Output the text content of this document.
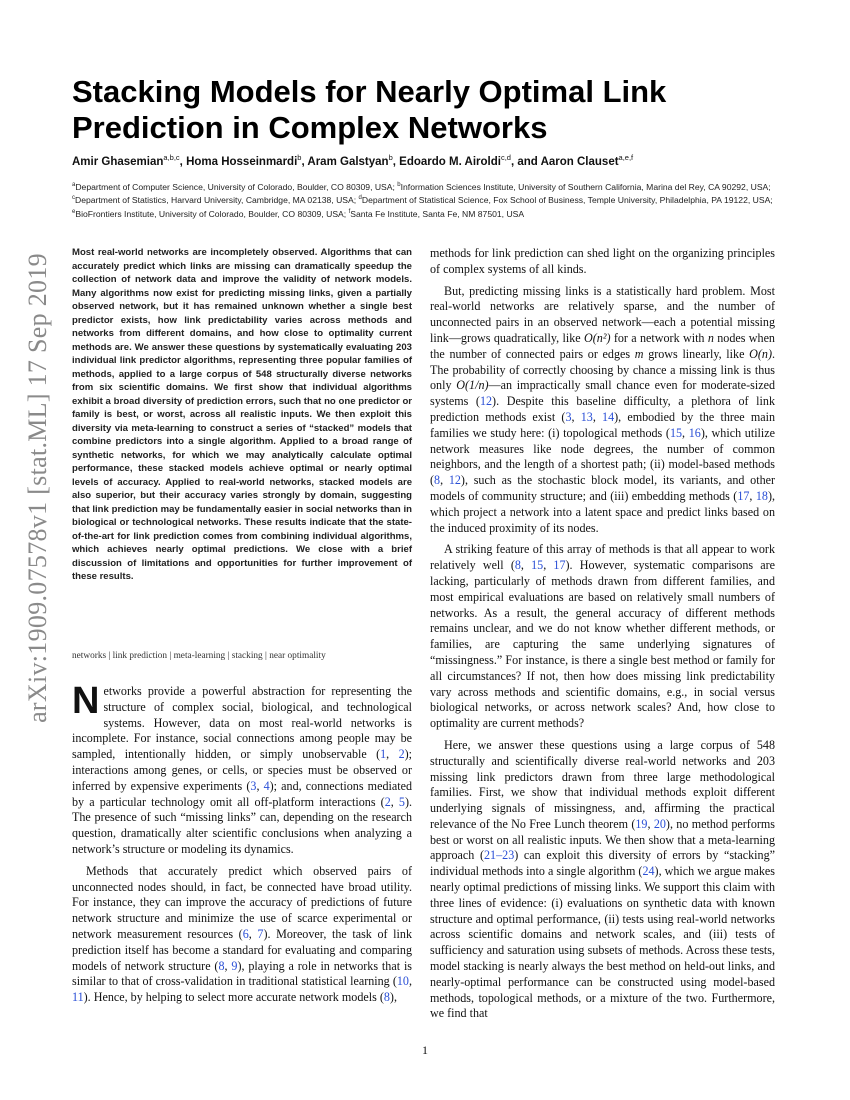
arXiv:1909.07578v1 [stat.ML] 17 Sep 2019
Stacking Models for Nearly Optimal Link Prediction in Complex Networks
Amir Ghasemian$^{a,b,c}$, Homa Hosseinmardi$^b$, Aram Galstyan$^b$, Edoardo M. Airoldi$^{c,d}$, and Aaron Clauset$^{a,e,f}$
$^a$Department of Computer Science, University of Colorado, Boulder, CO 80309, USA; $^b$Information Sciences Institute, University of Southern California, Marina del Rey, CA 90292, USA; $^c$Department of Statistics, Harvard University, Cambridge, MA 02138, USA; $^d$Department of Statistical Science, Fox School of Business, Temple University, Philadelphia, PA 19122, USA; $^e$BioFrontiers Institute, University of Colorado, Boulder, CO 80309, USA; $^f$Santa Fe Institute, Santa Fe, NM 87501, USA
Most real-world networks are incompletely observed. Algorithms that can accurately predict which links are missing can dramatically speedup the collection of network data and improve the validity of network models. Many algorithms now exist for predicting missing links, given a partially observed network, but it has remained unknown whether a single best predictor exists, how link predictability varies across methods and networks from different domains, and how close to optimality current methods are. We answer these questions by systematically evaluating 203 individual link predictor algorithms, representing three popular families of methods, applied to a large corpus of 548 structurally diverse networks from six scientific domains. We first show that individual algorithms exhibit a broad diversity of prediction errors, such that no one predictor or family is best, or worst, across all realistic inputs. We then exploit this diversity via meta-learning to construct a series of “stacked” models that combine predictors into a single algorithm. Applied to a broad range of synthetic networks, for which we may analytically calculate optimal performance, these stacked models achieve optimal or nearly optimal levels of accuracy. Applied to real-world networks, stacked models are also superior, but their accuracy varies strongly by domain, suggesting that link prediction may be fundamentally easier in social networks than in biological or technological networks. These results indicate that the state-of-the-art for link prediction comes from combining individual algorithms, which achieves nearly optimal predictions. We close with a brief discussion of limitations and opportunities for further improvement of these results.
networks | link prediction | meta-learning | stacking | near optimality

Networks provide a powerful abstraction for representing the structure of complex social, biological, and technological systems. However, data on most real-world networks is incomplete. For instance, social connections among people may be sampled, intentionally hidden, or simply unobservable (1, 2); interactions among genes, or cells, or species must be observed or inferred by expensive experiments (3, 4); and, connections mediated by a particular technology omit all off-platform interactions (2, 5). The presence of such “missing links” can, depending on the research question, dramatically alter scientific conclusions when analyzing a network’s structure or modeling its dynamics.

Methods that accurately predict which observed pairs of unconnected nodes should, in fact, be connected have broad utility. For instance, they can improve the accuracy of predictions of future network structure and minimize the use of scarce experimental or network measurement resources (6, 7). Moreover, the task of link prediction itself has become a standard for evaluating and comparing models of network structure (8, 9), playing a role in networks that is similar to that of cross-validation in traditional statistical learning (10, 11). Hence, by helping to select more accurate network models (8),

methods for link prediction can shed light on the organizing principles of complex systems of all kinds.

But, predicting missing links is a statistically hard problem. Most real-world networks are relatively sparse, and the number of unconnected pairs in an observed network—each a potential missing link—grows quadratically, like O(n²) for a network with n nodes when the number of connected pairs or edges m grows linearly, like O(n). The probability of correctly choosing by chance a missing link is thus only O(1/n)—an impractically small chance even for moderate-sized systems (12). Despite this baseline difficulty, a plethora of link prediction methods exist (3, 13, 14), embodied by the three main families we study here: (i) topological methods (15, 16), which utilize network measures like node degrees, the number of common neighbors, and the length of a shortest path; (ii) model-based methods (8, 12), such as the stochastic block model, its variants, and other models of community structure; and (iii) embedding methods (17, 18), which project a network into a latent space and predict links based on the induced proximity of its nodes.

A striking feature of this array of methods is that all appear to work relatively well (8, 15, 17). However, systematic comparisons are lacking, particularly of methods drawn from different families, and most empirical evaluations are based on relatively small numbers of networks. As a result, the general accuracy of different methods remains unclear, and we do not know whether different methods, or families, are capturing the same underlying signatures of “missingness.” For instance, is there a single best method or family for all circumstances? If not, then how does missing link predictability vary across methods and scientific domains, e.g., in social versus biological networks, or across network scales? And, how close to optimality are current methods?

Here, we answer these questions using a large corpus of 548 structurally and scientifically diverse real-world networks and 203 missing link predictors drawn from three large methodological families. First, we show that individual methods exploit different underlying signals of missingness, and, affirming the practical relevance of the No Free Lunch theorem (19, 20), no method performs best or worst on all realistic inputs. We then show that a meta-learning approach (21–23) can exploit this diversity of errors by “stacking” individual methods into a single algorithm (24), which we argue makes nearly optimal predictions of missing links. We support this claim with three lines of evidence: (i) evaluations on synthetic data with known structure and optimal performance, (ii) tests using real-world networks across scientific domains and network scales, and (iii) tests of sufficiency and saturation using subsets of methods. Across these tests, model stacking is nearly always the best method on held-out links, and nearly-optimal performance can be constructed using model-based methods, topological methods, or a mixture of the two. Furthermore, we find that

1
